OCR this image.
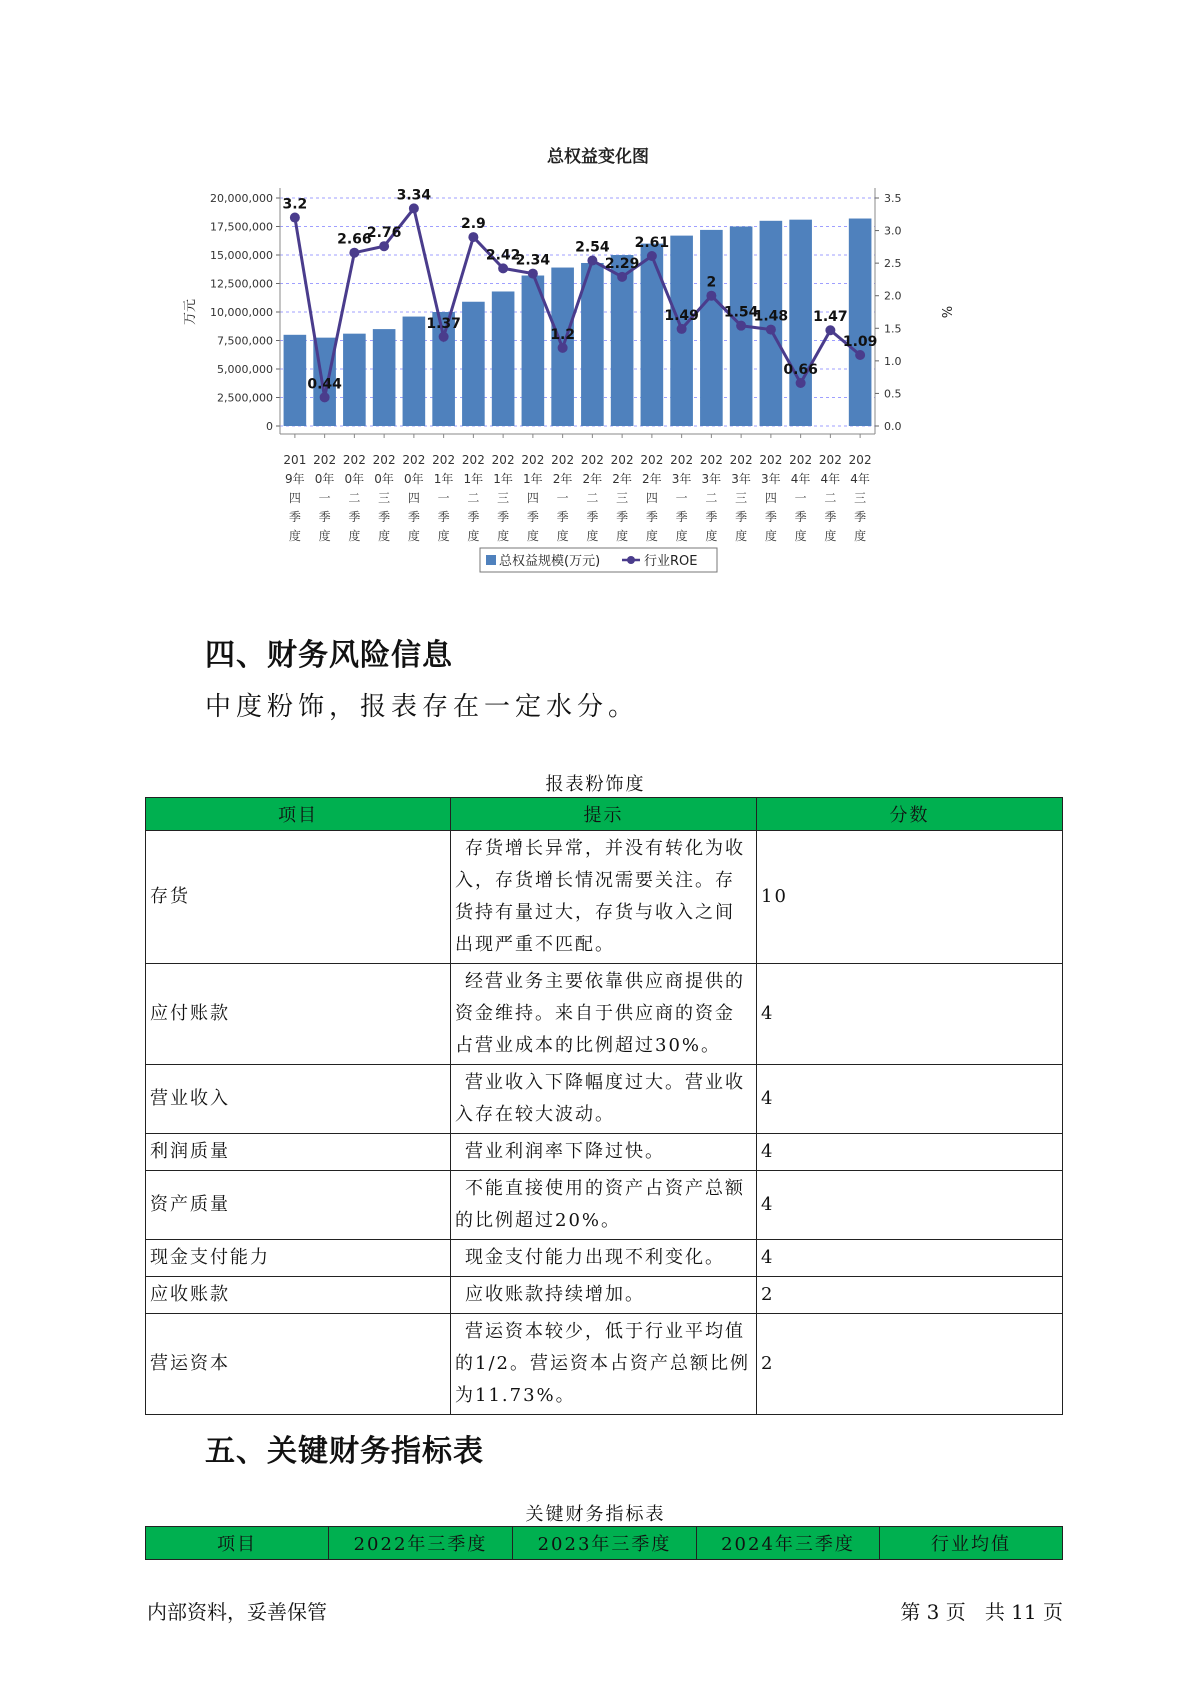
总权益变化图
0
2,500,000
5,000,000
7,500,000
10,000,000
12,500,000
15,000,000
17,500,000
20,000,000
0.0
0.5
1.0
1.5
2.0
2.5
3.0
3.5
万元	%
3.2
0.44
2.66
2.76
3.34
1.37
2.9
2.42
2.34
1.2
2.54
2.29
2.61
1.49
2
1.54
1.48
0.66
1.47
1.09
201
9年
四
季
度
202
0年
一
季
度
202
0年
二
季
度
202
0年
三
季
度
202
0年
四
季
度
202
1年
一
季
度
202
1年
二
季
度
202
1年
三
季
度
202
1年
四
季
度
202
2年
一
季
度
202
2年
二
季
度
202
2年
三
季
度
202
2年
四
季
度
202
3年
一
季
度
202
3年
二
季
度
202
3年
三
季
度
202
3年
四
季
度
202
4年
一
季
度
202
4年
二
季
度
202
4年
三
季
度
总权益规模(万元)	行业ROE
四、财务风险信息

中度粉饰，报表存在一定水分。

报表粉饰度
项目	提示	分数
存货	存货增长异常，并没有转化为收入，存货增长情况需要关注。存货持有量过大，存货与收入之间出现严重不匹配。	10
应付账款	经营业务主要依靠供应商提供的资金维持。来自于供应商的资金占营业成本的比例超过30%。	4
营业收入	营业收入下降幅度过大。营业收入存在较大波动。	4
利润质量	营业利润率下降过快。	4
资产质量	不能直接使用的资产占资产总额的比例超过20%。	4
现金支付能力	现金支付能力出现不利变化。	4
应收账款	应收账款持续增加。	2
营运资本	营运资本较少，低于行业平均值的1/2。营运资本占资产总额比例为11.73%。	2
五、关键财务指标表
关键财务指标表
项目	2022年三季度	2023年三季度	2024年三季度	行业均值
内部资料，妥善保管	第 3 页   共 11 页
